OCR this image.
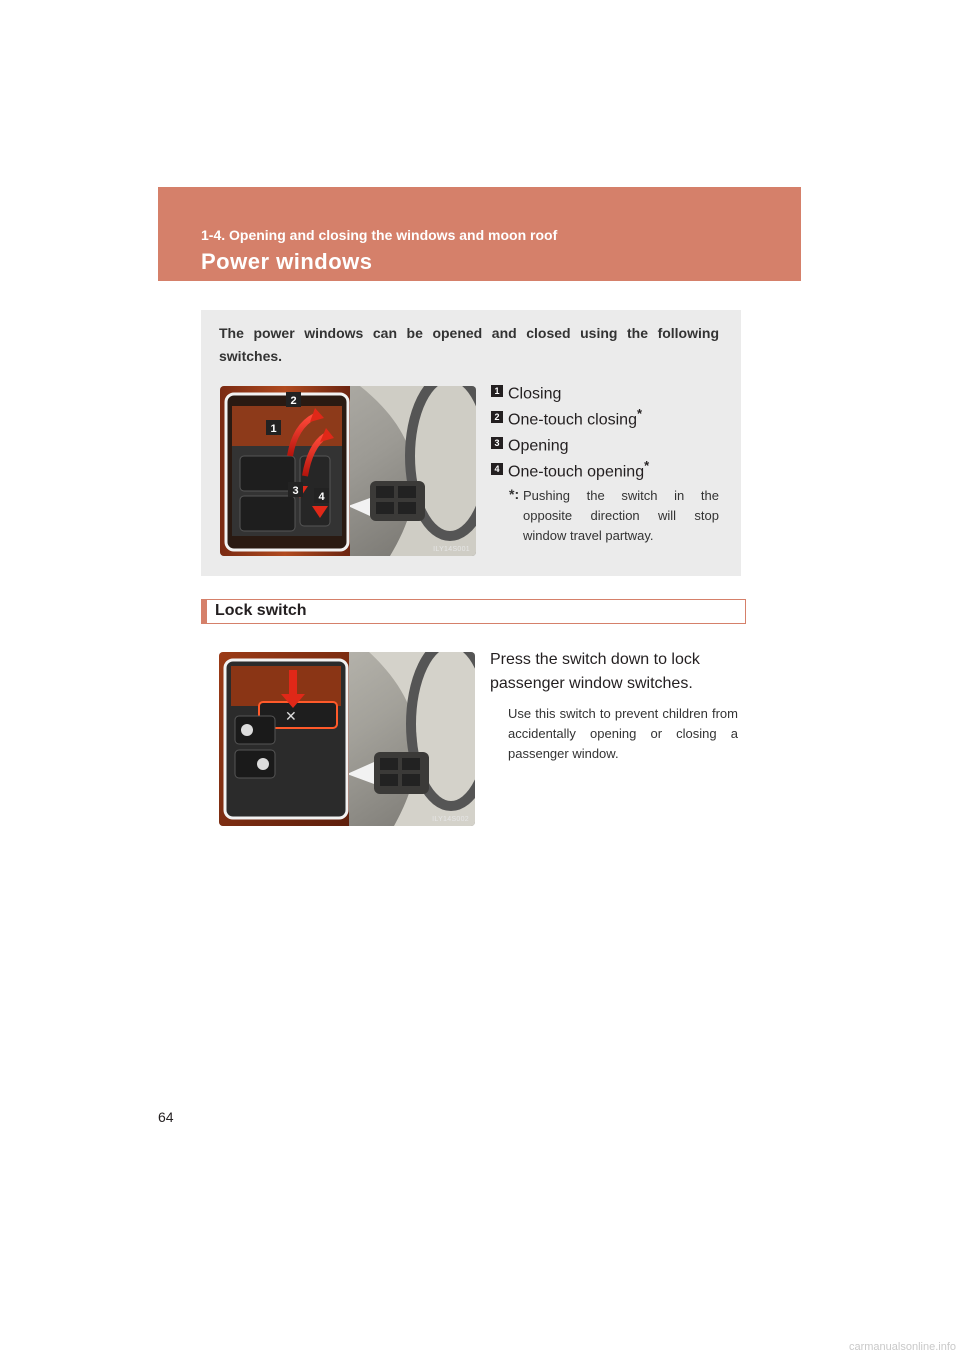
1-4. Opening and closing the windows and moon roof
Power windows
The power windows can be opened and closed using the following switches.
2
1
3 4
ILY14S001
1 Closing
2 One-touch closing*
3 Opening
4 One-touch opening*
*: Pushing the switch in the opposite direction will stop window travel partway.
Lock switch
✕
ILY14S002
Press the switch down to lock passenger window switches.
Use this switch to prevent children from accidentally opening or closing a passenger window.
64
carmanualsonline.info
